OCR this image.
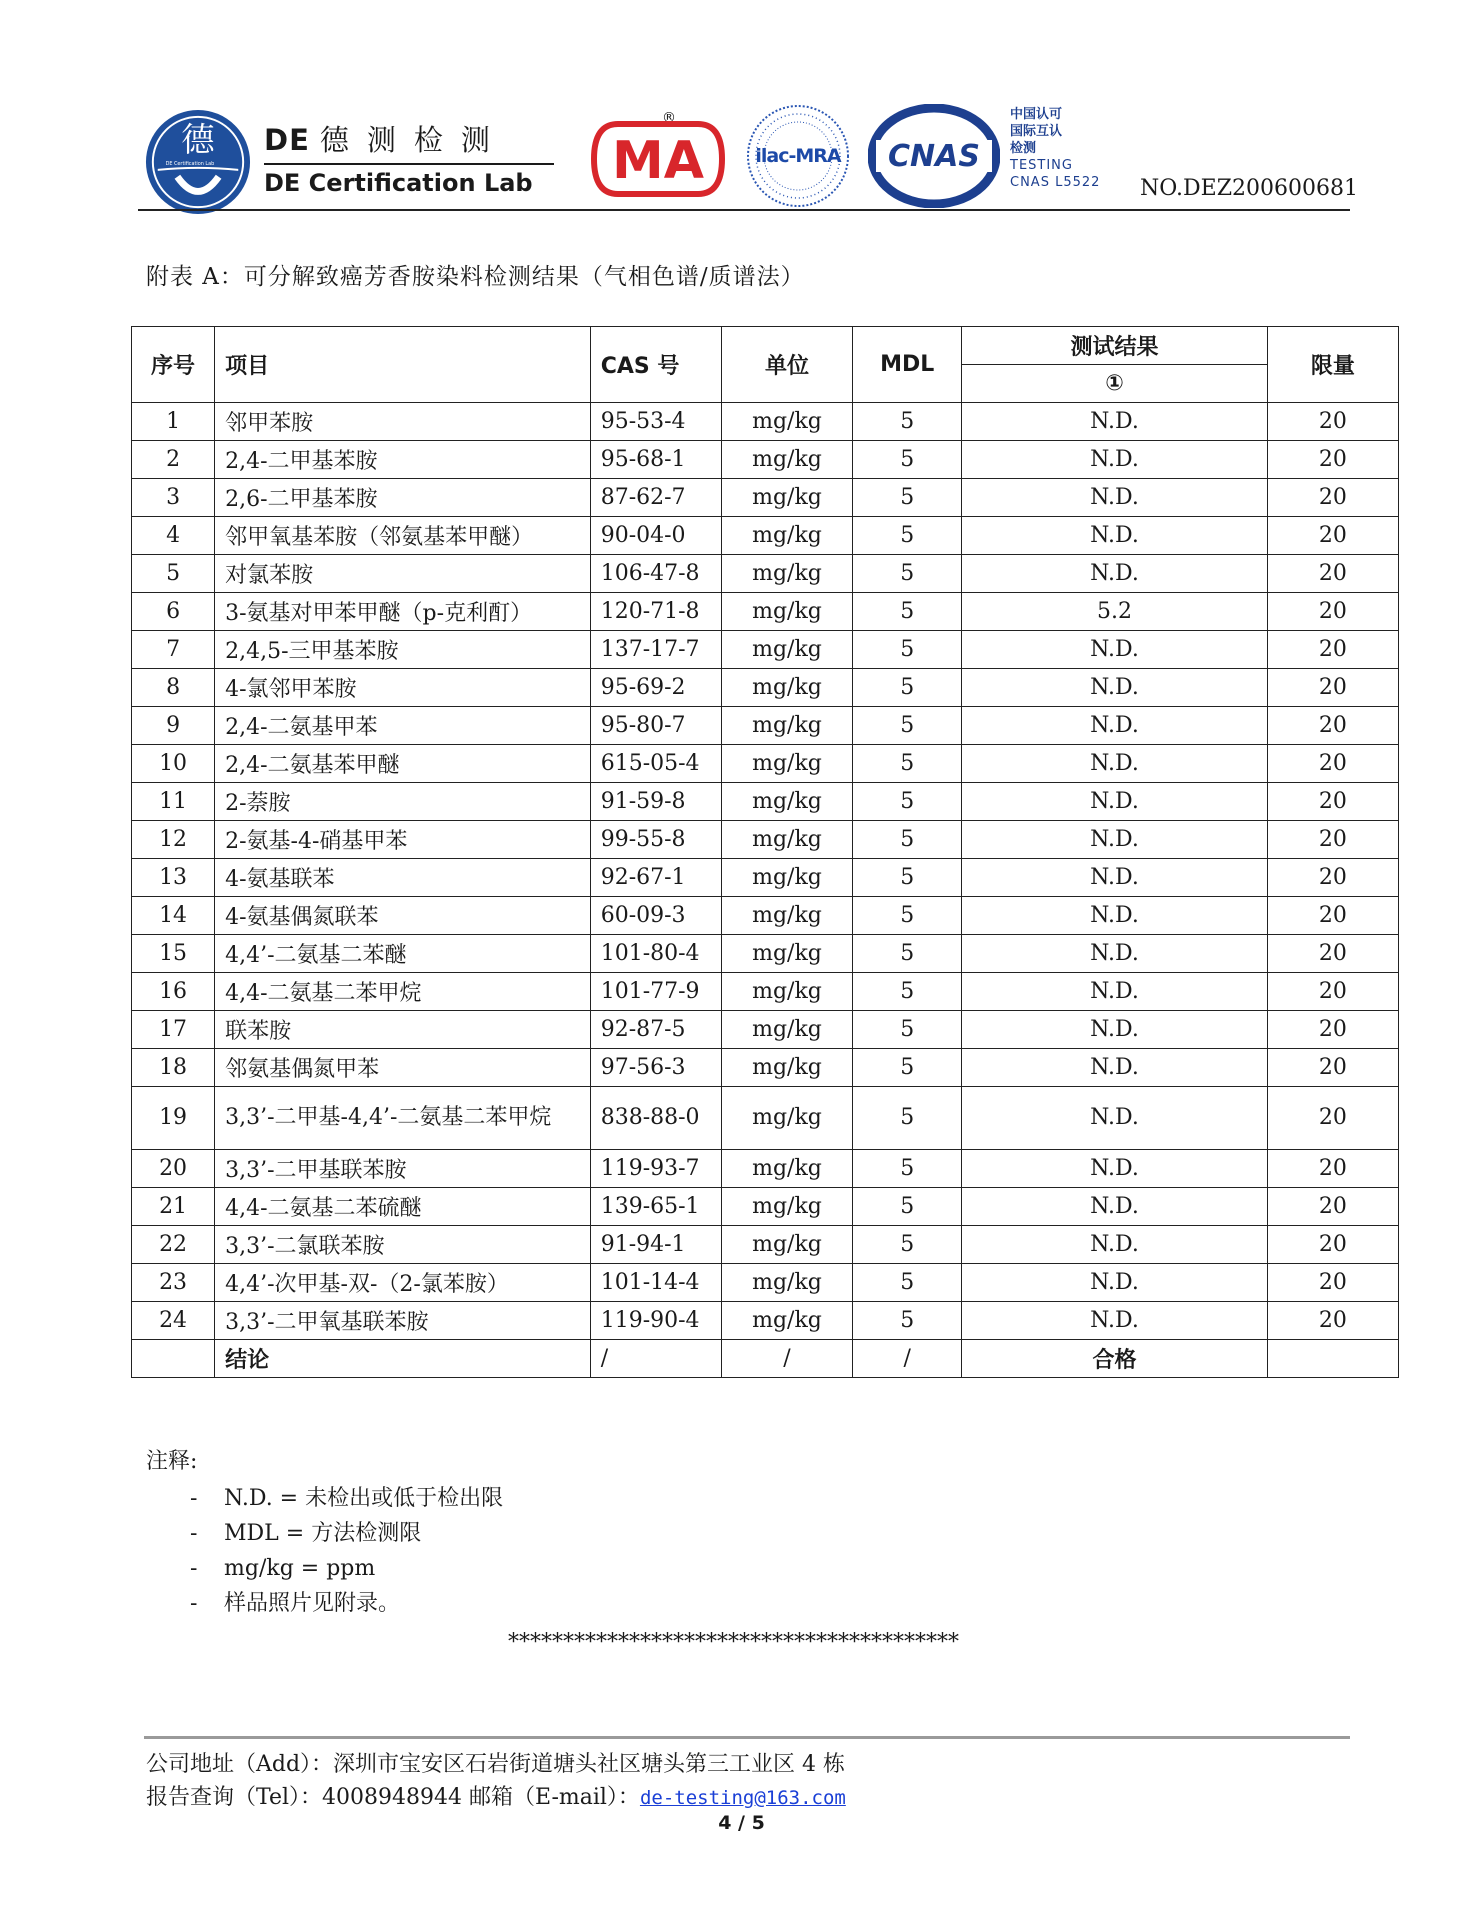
德
DE Certification Lab
DE 德测检测
®
DE Certification Lab	MA	ilac-MRA CNAS
中国认可
国际互认
检测
TESTING
CNAS L5522 NO.DEZ200600681
附表 A：可分解致癌芳香胺染料检测结果（气相色谱/质谱法）
序号	项目	CAS 号	单位	MDL	测试结果	限量
					①	
1	邻甲苯胺	95-53-4	mg/kg	5	N.D.	20
2	2,4-二甲基苯胺	95-68-1	mg/kg	5	N.D.	20
3	2,6-二甲基苯胺	87-62-7	mg/kg	5	N.D.	20
4	邻甲氧基苯胺（邻氨基苯甲醚）	90-04-0	mg/kg	5	N.D.	20
5	对氯苯胺	106-47-8	mg/kg	5	N.D.	20
6	3-氨基对甲苯甲醚（p-克利酊）	120-71-8	mg/kg	5	5.2	20
7	2,4,5-三甲基苯胺	137-17-7	mg/kg	5	N.D.	20
8	4-氯邻甲苯胺	95-69-2	mg/kg	5	N.D.	20
9	2,4-二氨基甲苯	95-80-7	mg/kg	5	N.D.	20
10	2,4-二氨基苯甲醚	615-05-4	mg/kg	5	N.D.	20
11	2-萘胺	91-59-8	mg/kg	5	N.D.	20
12	2-氨基-4-硝基甲苯	99-55-8	mg/kg	5	N.D.	20
13	4-氨基联苯	92-67-1	mg/kg	5	N.D.	20
14	4-氨基偶氮联苯	60-09-3	mg/kg	5	N.D.	20
15	4,4’-二氨基二苯醚	101-80-4	mg/kg	5	N.D.	20
16	4,4-二氨基二苯甲烷	101-77-9	mg/kg	5	N.D.	20
17	联苯胺	92-87-5	mg/kg	5	N.D.	20
18	邻氨基偶氮甲苯	97-56-3	mg/kg	5	N.D.	20
19	3,3’-二甲基-4,4’-二氨基二苯甲烷	838-88-0	mg/kg	5	N.D.	20
20	3,3’-二甲基联苯胺	119-93-7	mg/kg	5	N.D.	20
21	4,4-二氨基二苯硫醚	139-65-1	mg/kg	5	N.D.	20
22	3,3’-二氯联苯胺	91-94-1	mg/kg	5	N.D.	20
23	4,4’-次甲基-双-（2-氯苯胺）	101-14-4	mg/kg	5	N.D.	20
24	3,3’-二甲氧基联苯胺	119-90-4	mg/kg	5	N.D.	20
	结论	/	/	/	合格	
注释:
- N.D. = 未检出或低于检出限
- MDL = 方法检测限
- mg/kg = ppm
- 样品照片见附录。
*****************************************
公司地址（Add）：深圳市宝安区石岩街道塘头社区塘头第三工业区 4 栋
报告查询（Tel）：4008948944 邮箱（E-mail）：de-testing@163.com
4 / 5
